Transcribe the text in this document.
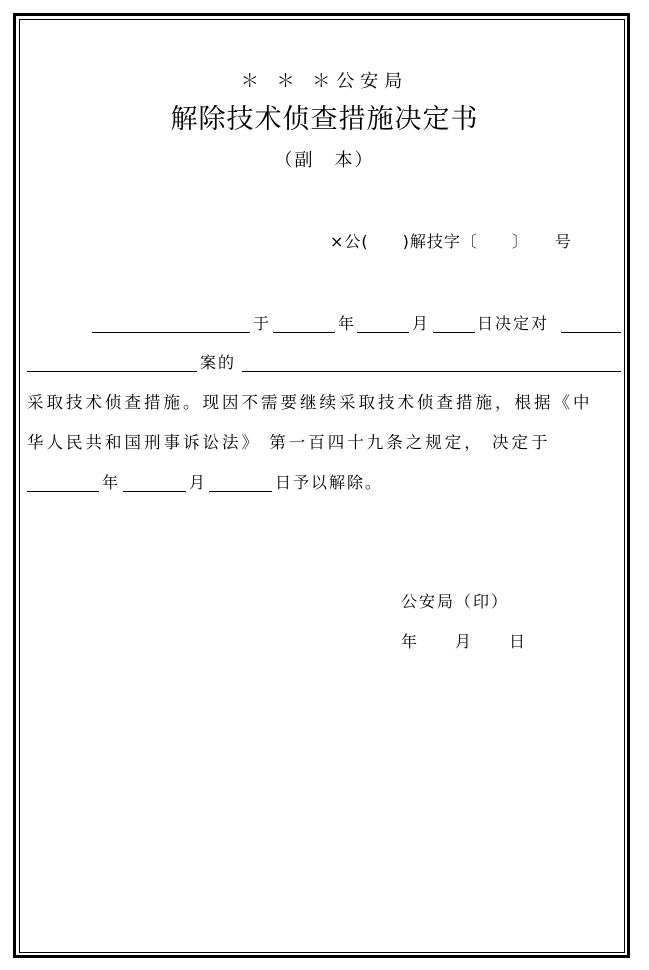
＊ ＊ ＊公安局
解除技术侦查措施决定书
（副　本）
×公(　　)解技字〔　　〕　　号
于	年	月	日决定对
案的
采取技术侦查措施。现因不需要继续采取技术侦查措施，根据《中
华人民共和国刑事诉讼法》 第一百四十九条之规定， 决定于
年	月	日予以解除。
公安局（印）
年　　月　　日
